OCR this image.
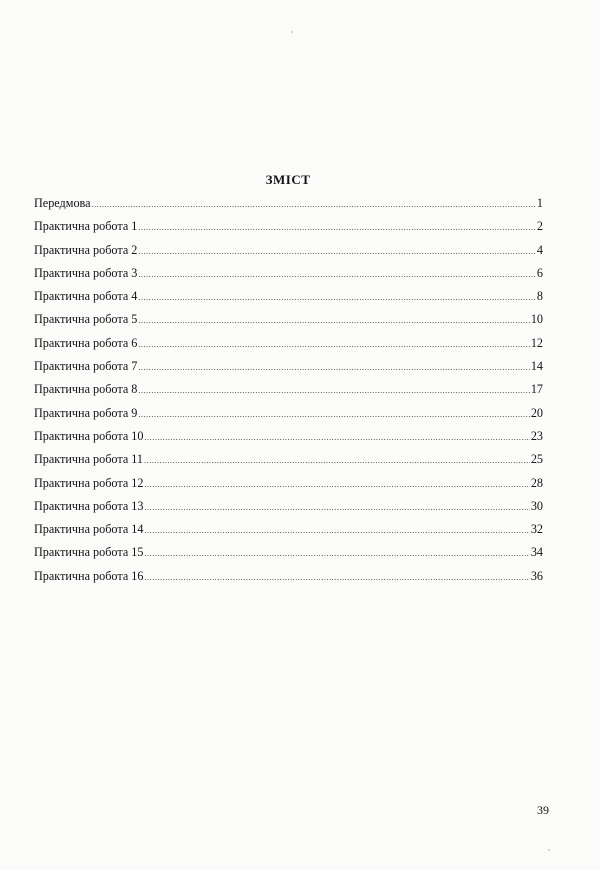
ЗМІСТ
Передмова .....	1
Практична робота 1 .....	2
Практична робота 2 .....	4
Практична робота 3 .....	6
Практична робота 4 .....	8
Практична робота 5 .....	10
Практична робота 6 .....	12
Практична робота 7 .....	14
Практична робота 8 .....	17
Практична робота 9 .....	20
Практична робота 10 .....	23
Практична робота 11 .....	25
Практична робота 12 .....	28
Практична робота 13 .....	30
Практична робота 14 .....	32
Практична робота 15 .....	34
Практична робота 16 .....	36
39
